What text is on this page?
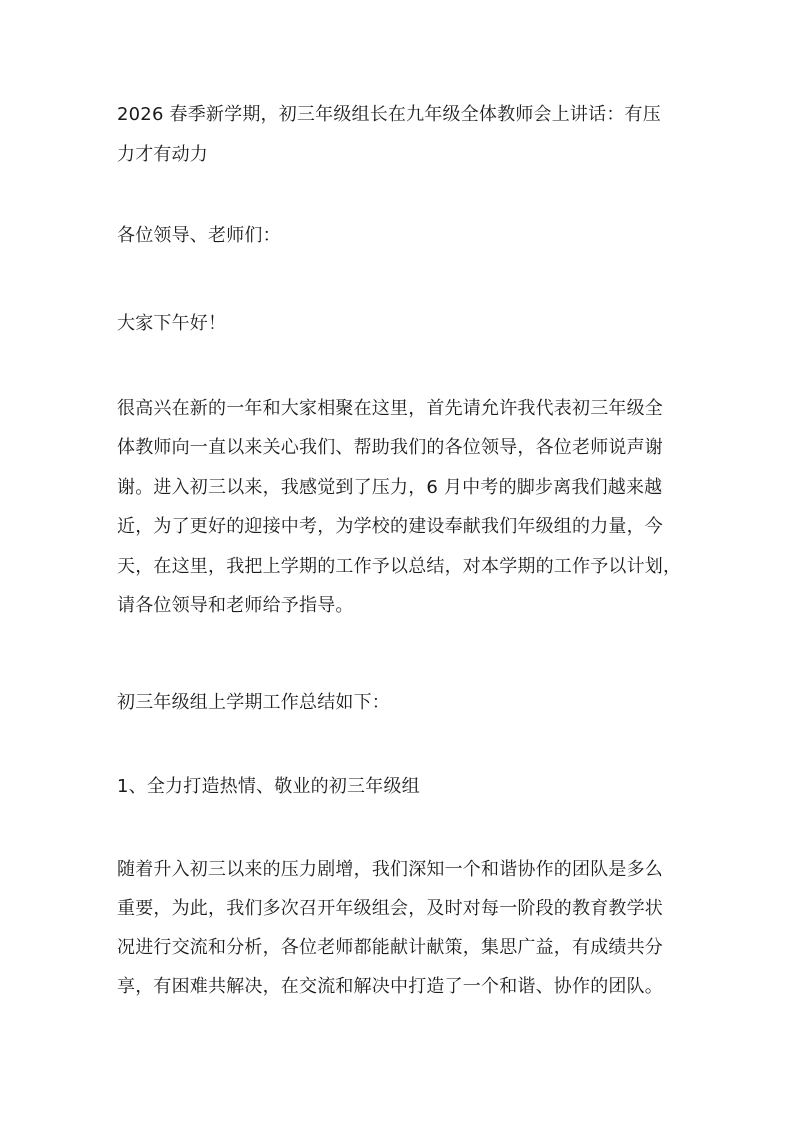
2026 春季新学期，初三年级组长在九年级全体教师会上讲话：有压
力才有动力
各位领导、老师们：
大家下午好！
很高兴在新的一年和大家相聚在这里，首先请允许我代表初三年级全
体教师向一直以来关心我们、帮助我们的各位领导，各位老师说声谢
谢。进入初三以来，我感觉到了压力，6 月中考的脚步离我们越来越
近，为了更好的迎接中考，为学校的建设奉献我们年级组的力量，今
天，在这里，我把上学期的工作予以总结，对本学期的工作予以计划，
请各位领导和老师给予指导。
初三年级组上学期工作总结如下：
1、全力打造热情、敬业的初三年级组
随着升入初三以来的压力剧增，我们深知一个和谐协作的团队是多么
重要，为此，我们多次召开年级组会，及时对每一阶段的教育教学状
况进行交流和分析，各位老师都能献计献策，集思广益，有成绩共分
享，有困难共解决，在交流和解决中打造了一个和谐、协作的团队。
